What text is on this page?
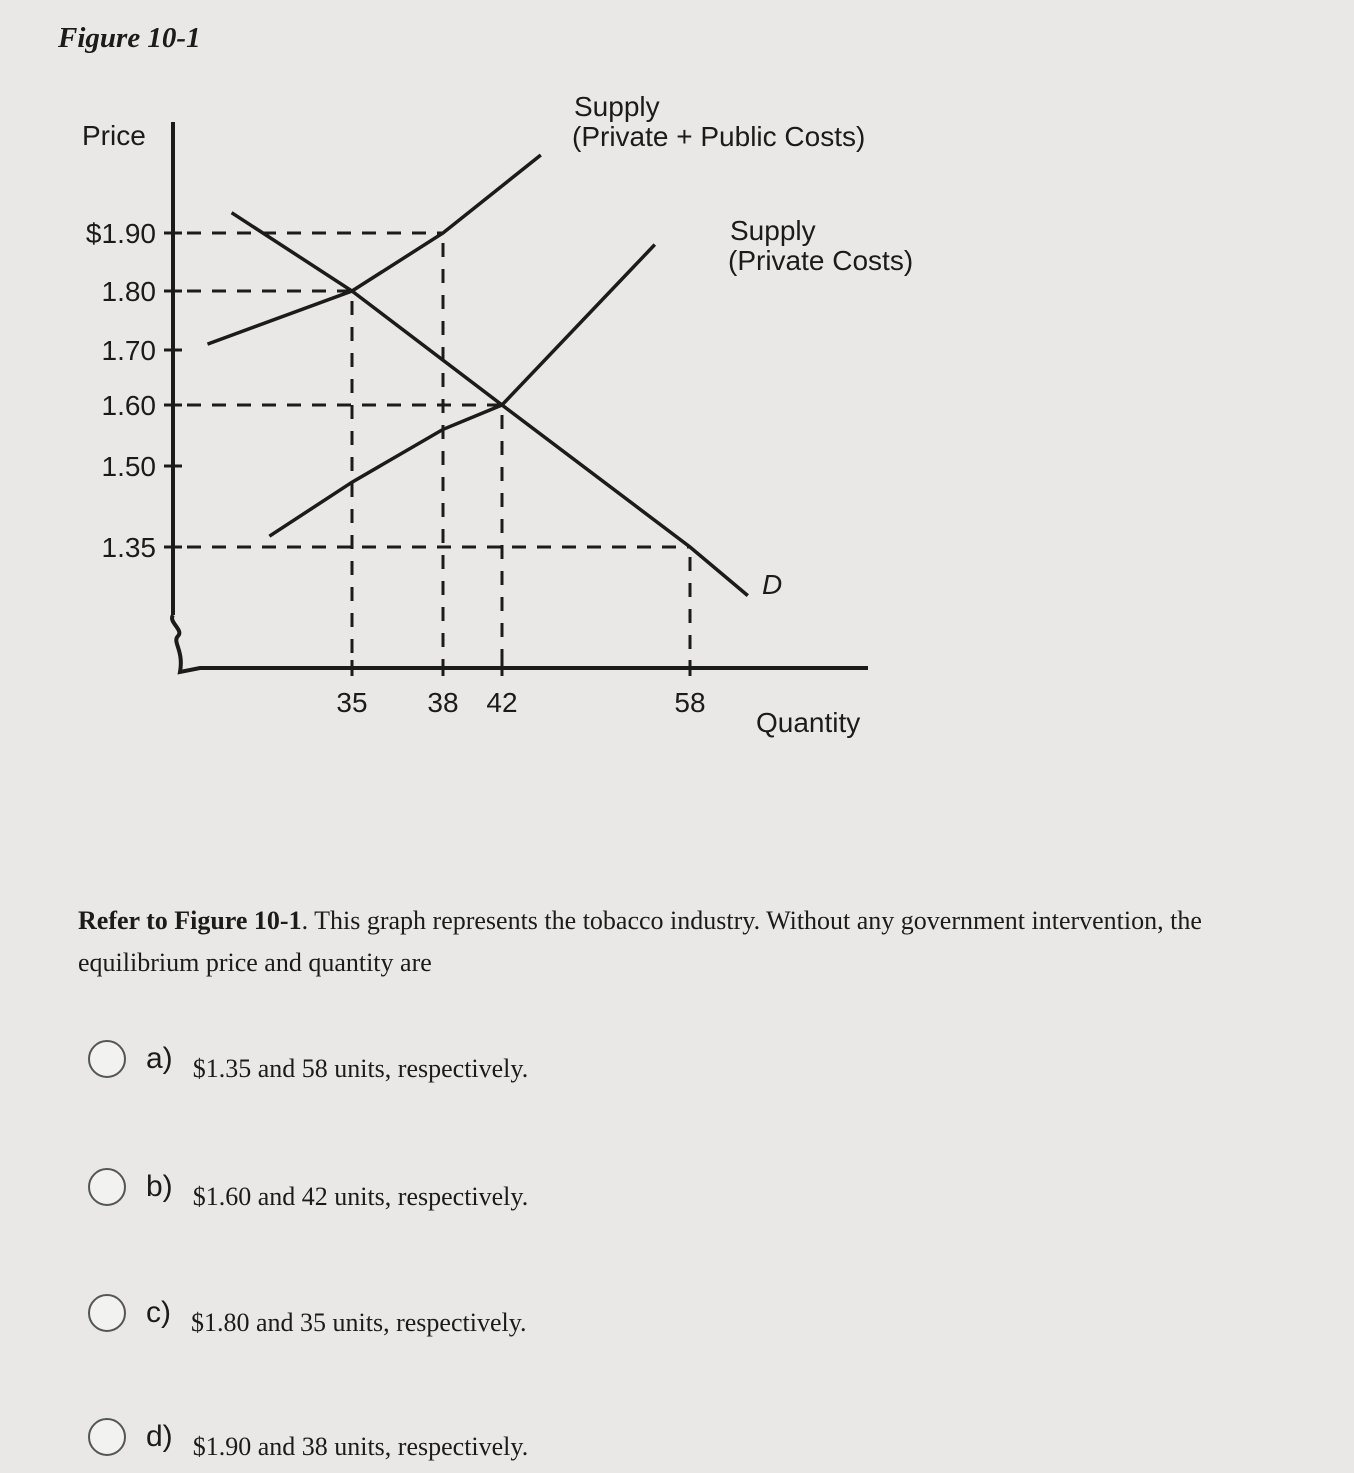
Figure 10-1
Price
Quantity
$1.90
1.80
1.70
1.60
1.50
1.35
35 38 42	58
Supply
(Private + Public Costs)
Supply
(Private Costs)
D
Refer to Figure 10-1. This graph represents the tobacco industry. Without any government intervention, the equilibrium price and quantity are
a) $1.35 and 58 units, respectively.
b) $1.60 and 42 units, respectively.
c) $1.80 and 35 units, respectively.
d) $1.90 and 38 units, respectively.
